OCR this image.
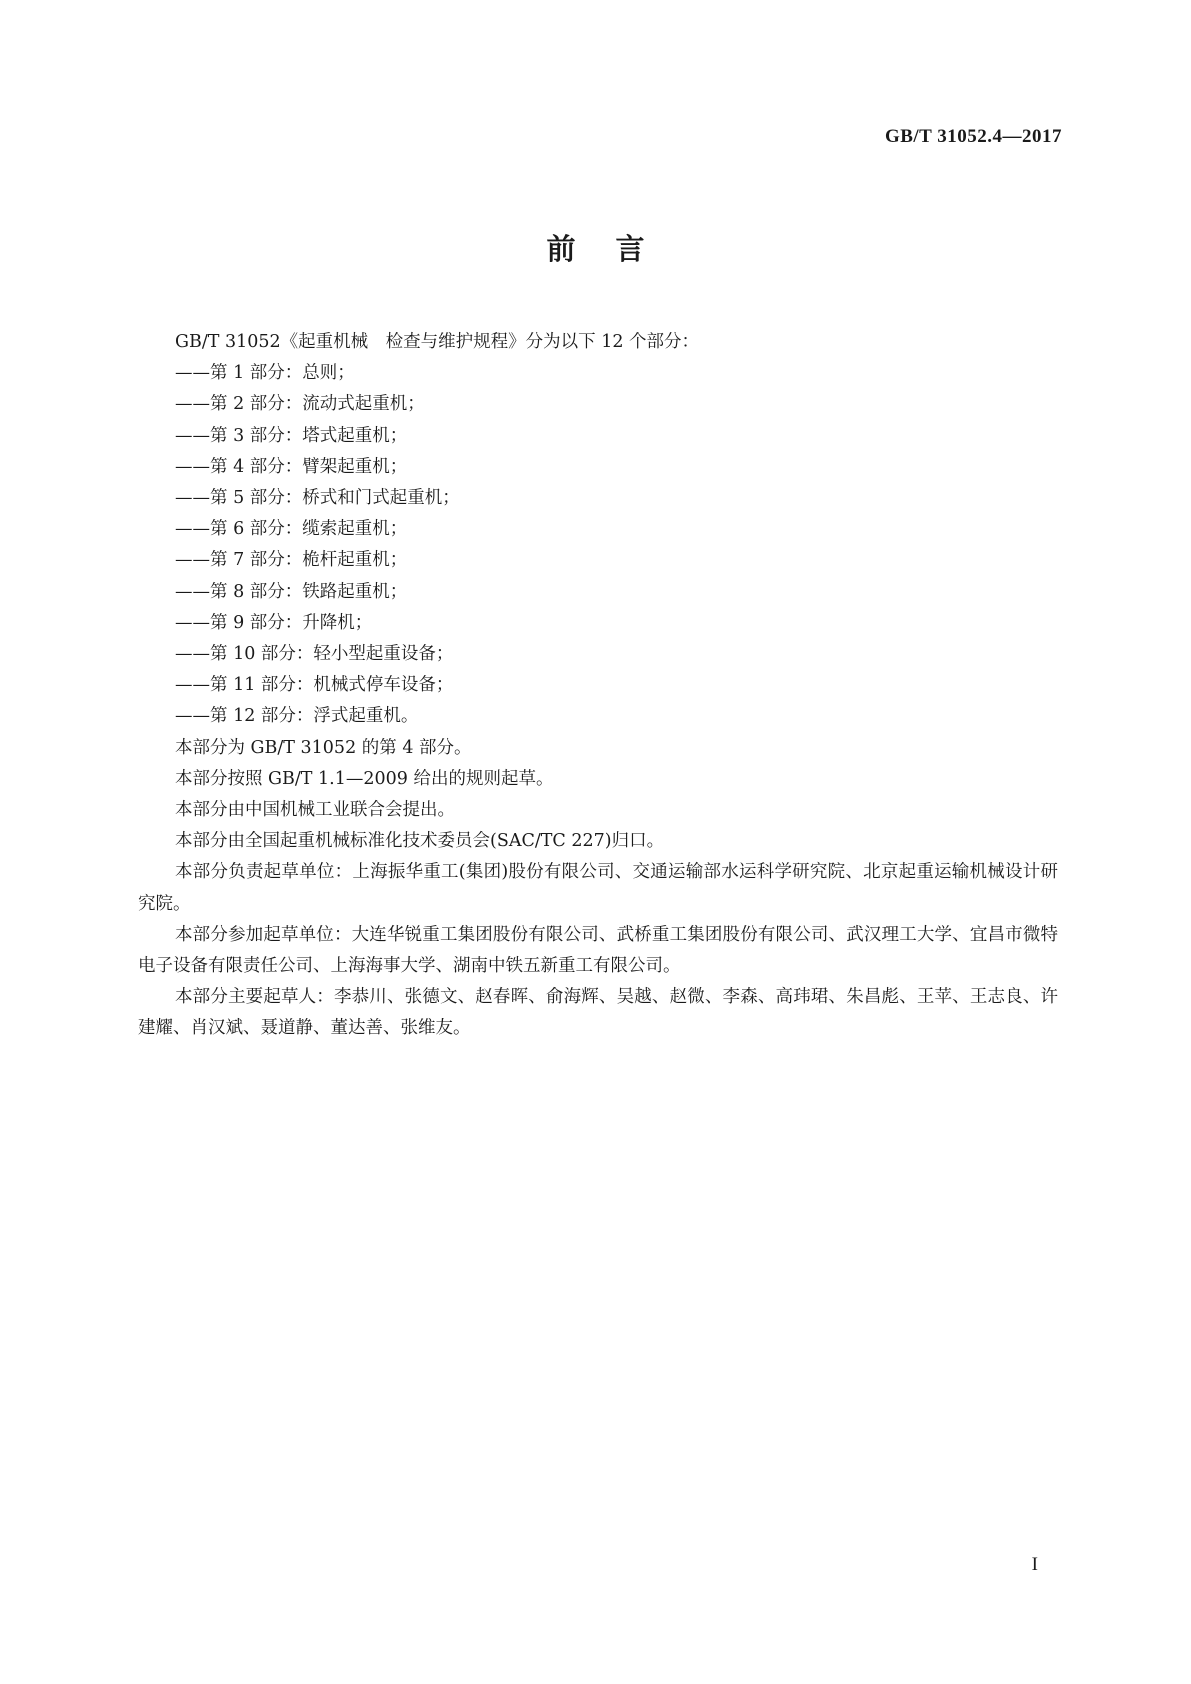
GB/T 31052.4—2017
前言

GB/T 31052《起重机械　检查与维护规程》分为以下 12 个部分：

——第 1 部分：总则；

——第 2 部分：流动式起重机；

——第 3 部分：塔式起重机；

——第 4 部分：臂架起重机；

——第 5 部分：桥式和门式起重机；

——第 6 部分：缆索起重机；

——第 7 部分：桅杆起重机；

——第 8 部分：铁路起重机；

——第 9 部分：升降机；

——第 10 部分：轻小型起重设备；

——第 11 部分：机械式停车设备；

——第 12 部分：浮式起重机。

本部分为 GB/T 31052 的第 4 部分。

本部分按照 GB/T 1.1—2009 给出的规则起草。

本部分由中国机械工业联合会提出。

本部分由全国起重机械标准化技术委员会(SAC/TC 227)归口。

本部分负责起草单位：上海振华重工(集团)股份有限公司、交通运输部水运科学研究院、北京起重运输机械设计研究院。

本部分参加起草单位：大连华锐重工集团股份有限公司、武桥重工集团股份有限公司、武汉理工大学、宜昌市微特电子设备有限责任公司、上海海事大学、湖南中铁五新重工有限公司。

本部分主要起草人：李恭川、张德文、赵春晖、俞海辉、吴越、赵微、李森、高玮珺、朱昌彪、王苹、王志良、许建耀、肖汉斌、聂道静、董达善、张维友。

I
